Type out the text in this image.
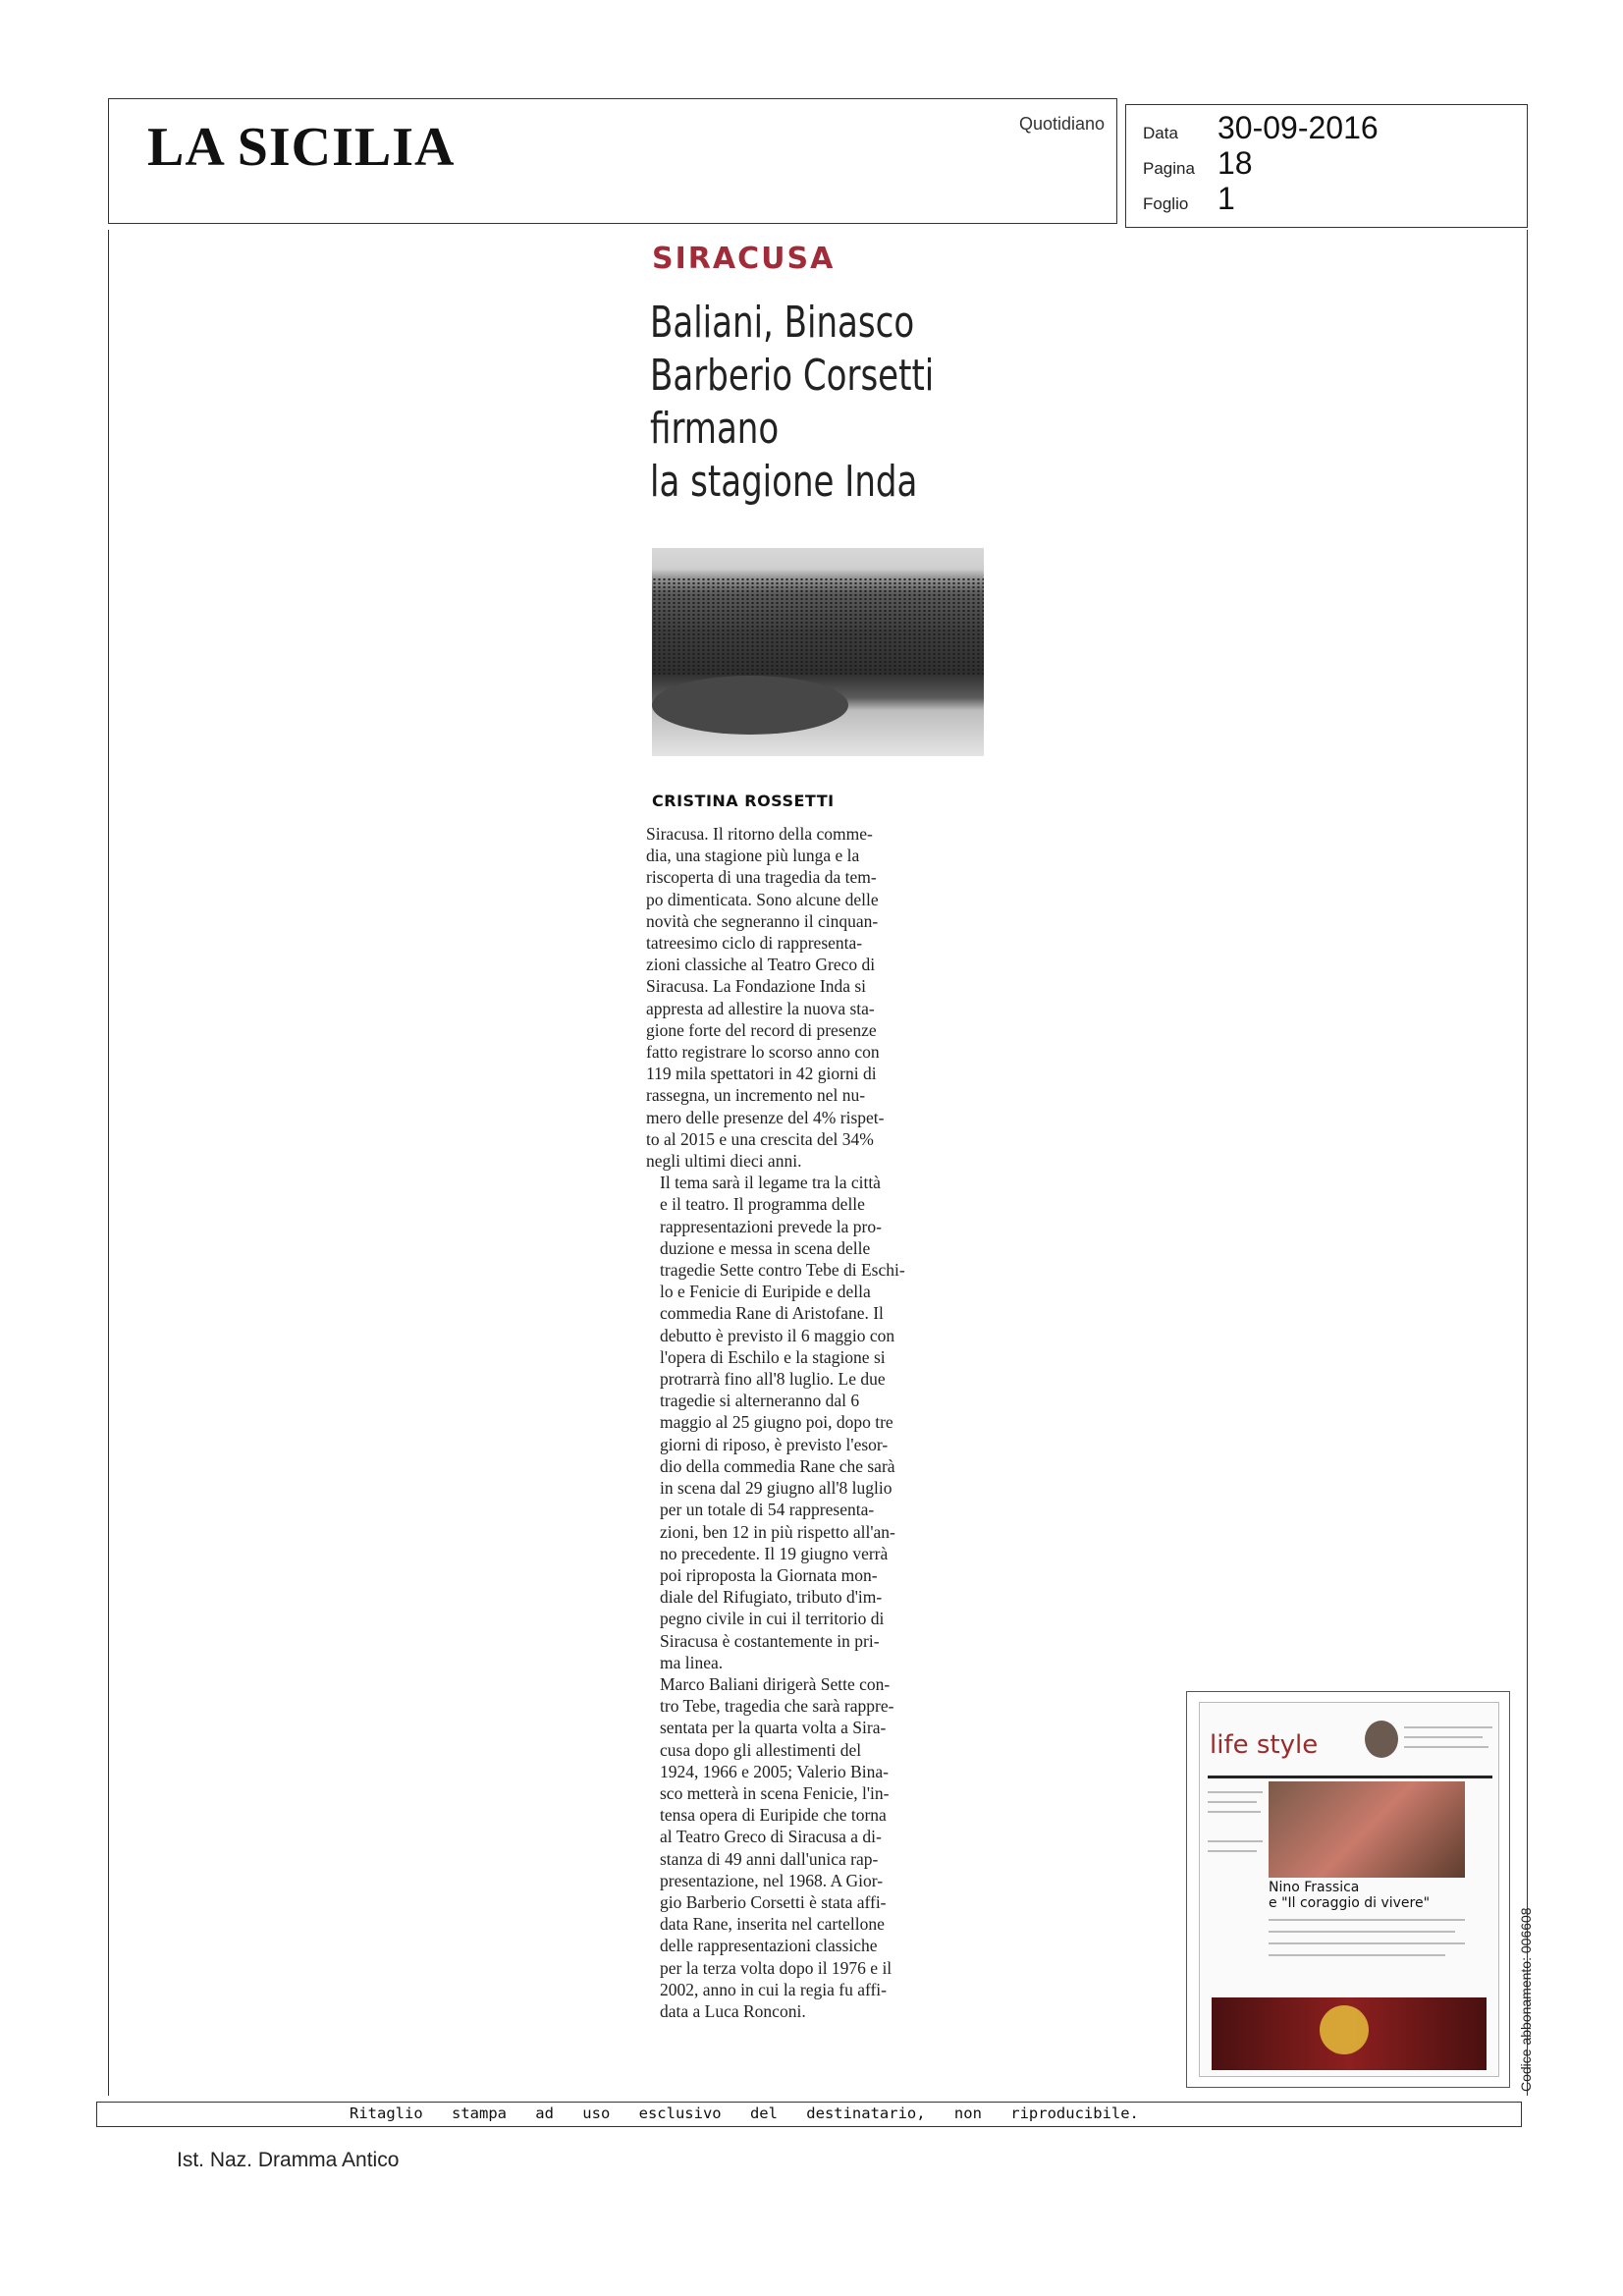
LA SICILIA	Quotidiano Data	30-09-2016
Pagina 18
Foglio 1
SIRACUSA
Baliani, Binasco
Barberio Corsetti
firmano
la stagione Inda
CRISTINA ROSSETTI

Siracusa. Il ritorno della comme-
dia, una stagione più lunga e la
riscoperta di una tragedia da tem-
po dimenticata. Sono alcune delle
novità che segneranno il cinquan-
tatreesimo ciclo di rappresenta-
zioni classiche al Teatro Greco di
Siracusa. La Fondazione Inda si
appresta ad allestire la nuova sta-
gione forte del record di presenze
fatto registrare lo scorso anno con
119 mila spettatori in 42 giorni di
rassegna, un incremento nel nu-
mero delle presenze del 4% rispet-
to al 2015 e una crescita del 34%
negli ultimi dieci anni.

Il tema sarà il legame tra la città
e il teatro. Il programma delle
rappresentazioni prevede la pro-
duzione e messa in scena delle
tragedie Sette contro Tebe di Eschi-
lo e Fenicie di Euripide e della
commedia Rane di Aristofane. Il
debutto è previsto il 6 maggio con
l'opera di Eschilo e la stagione si
protrarrà fino all'8 luglio. Le due
tragedie si alterneranno dal 6
maggio al 25 giugno poi, dopo tre
giorni di riposo, è previsto l'esor-
dio della commedia Rane che sarà
in scena dal 29 giugno all'8 luglio
per un totale di 54 rappresenta-
zioni, ben 12 in più rispetto all'an-
no precedente. Il 19 giugno verrà
poi riproposta la Giornata mon-
diale del Rifugiato, tributo d'im-
pegno civile in cui il territorio di
Siracusa è costantemente in pri-
ma linea.

Marco Baliani dirigerà Sette con-
tro Tebe, tragedia che sarà rappre-
sentata per la quarta volta a Sira-
cusa dopo gli allestimenti del
1924, 1966 e 2005; Valerio Bina-
sco metterà in scena Fenicie, l'in-
tensa opera di Euripide che torna
al Teatro Greco di Siracusa a di-
stanza di 49 anni dall'unica rap-
presentazione, nel 1968. A Gior-
gio Barberio Corsetti è stata affi-
data Rane, inserita nel cartellone
delle rappresentazioni classiche
per la terza volta dopo il 1976 e il
2002, anno in cui la regia fu affi-
data a Luca Ronconi.

life style
Nino Frassica
e "Il coraggio di vivere"
Ritaglio stampa ad uso esclusivo del destinatario, non riproducibile.
Codice abbonamento: 006608
Ist. Naz. Dramma Antico
